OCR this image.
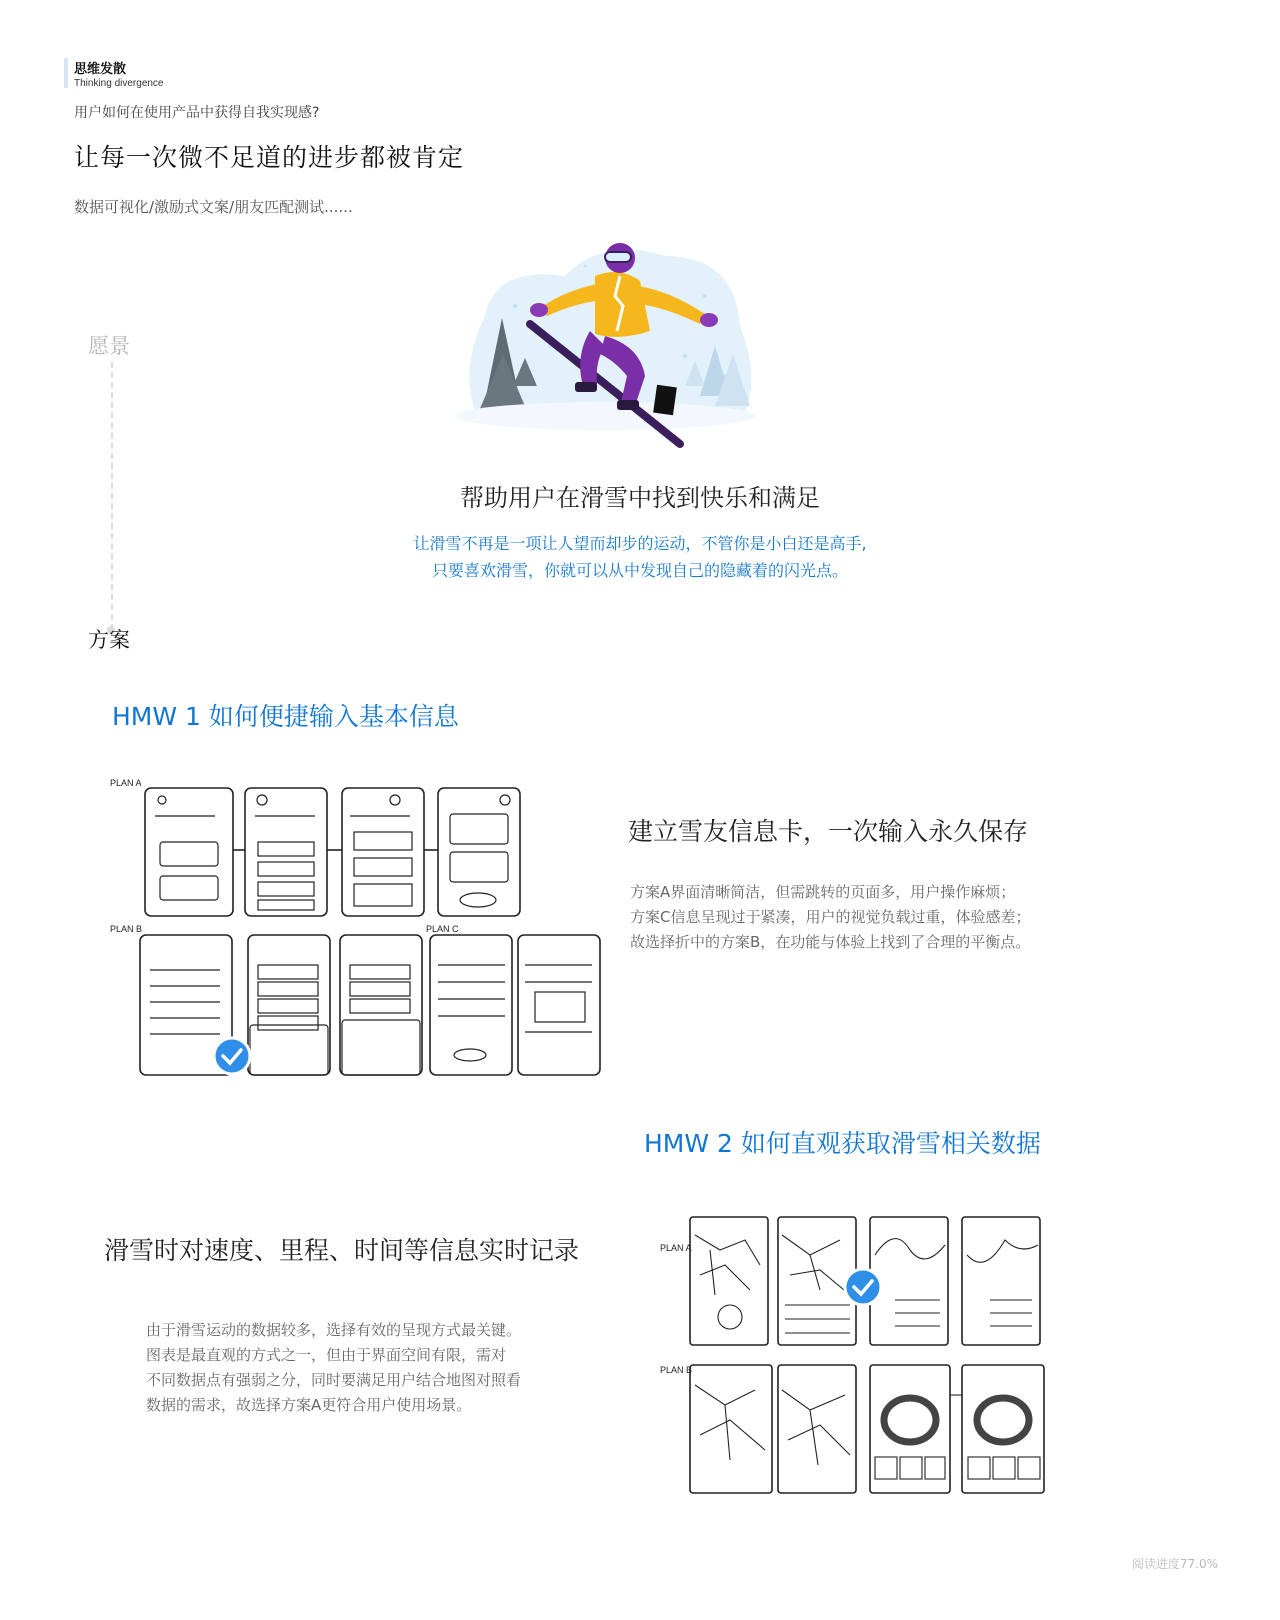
思维发散
Thinking divergence
用户如何在使用产品中获得自我实现感?
让每一次微不足道的进步都被肯定
数据可视化/激励式文案/朋友匹配测试......
愿景
方案
帮助用户在滑雪中找到快乐和满足
让滑雪不再是一项让人望而却步的运动，不管你是小白还是高手,
只要喜欢滑雪，你就可以从中发现自己的隐藏着的闪光点。
HMW 1 如何便捷输入基本信息
PLAN A
PLAN B	PLAN C
建立雪友信息卡，一次输入永久保存
方案A界面清晰简洁，但需跳转的页面多，用户操作麻烦；
方案C信息呈现过于紧凑，用户的视觉负载过重，体验感差；
故选择折中的方案B，在功能与体验上找到了合理的平衡点。
HMW 2 如何直观获取滑雪相关数据
滑雪时对速度、里程、时间等信息实时记录
由于滑雪运动的数据较多，选择有效的呈现方式最关键。
图表是最直观的方式之一，但由于界面空间有限，需对
不同数据点有强弱之分，同时要满足用户结合地图对照看
数据的需求，故选择方案A更符合用户使用场景。
PLAN A
PLAN B
阅读进度77.0%
